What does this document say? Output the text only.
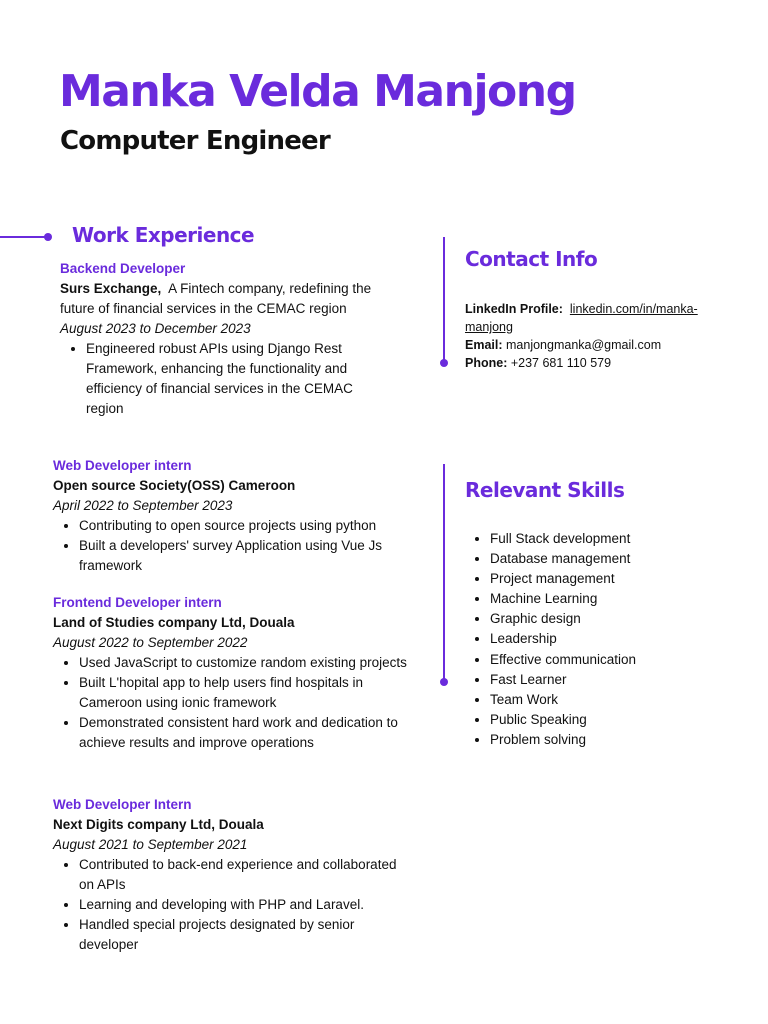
Manka Velda Manjong
Computer Engineer
Work Experience
Backend Developer
Surs Exchange, A Fintech company, redefining the future of financial services in the CEMAC region
August 2023 to December 2023
• Engineered robust APIs using Django Rest Framework, enhancing the functionality and efficiency of financial services in the CEMAC region
Web Developer intern
Open source Society(OSS) Cameroon
April 2022 to September 2023
• Contributing to open source projects using python
• Built a developers' survey Application using Vue Js framework
Frontend Developer intern
Land of Studies company Ltd, Douala
August 2022 to September 2022
• Used JavaScript to customize random existing projects
• Built L'hopital app to help users find hospitals in Cameroon using ionic framework
• Demonstrated consistent hard work and dedication to achieve results and improve operations
Web Developer Intern
Next Digits company Ltd, Douala
August 2021 to September 2021
• Contributed to back-end experience and collaborated on APIs
• Learning and developing with PHP and Laravel.
• Handled special projects designated by senior developer
Contact Info
LinkedIn Profile: linkedin.com/in/manka-manjong
Email: manjongmanka@gmail.com
Phone: +237 681 110 579
Relevant Skills
• Full Stack development
• Database management
• Project management
• Machine Learning
• Graphic design
• Leadership
• Effective communication
• Fast Learner
• Team Work
• Public Speaking
• Problem solving
